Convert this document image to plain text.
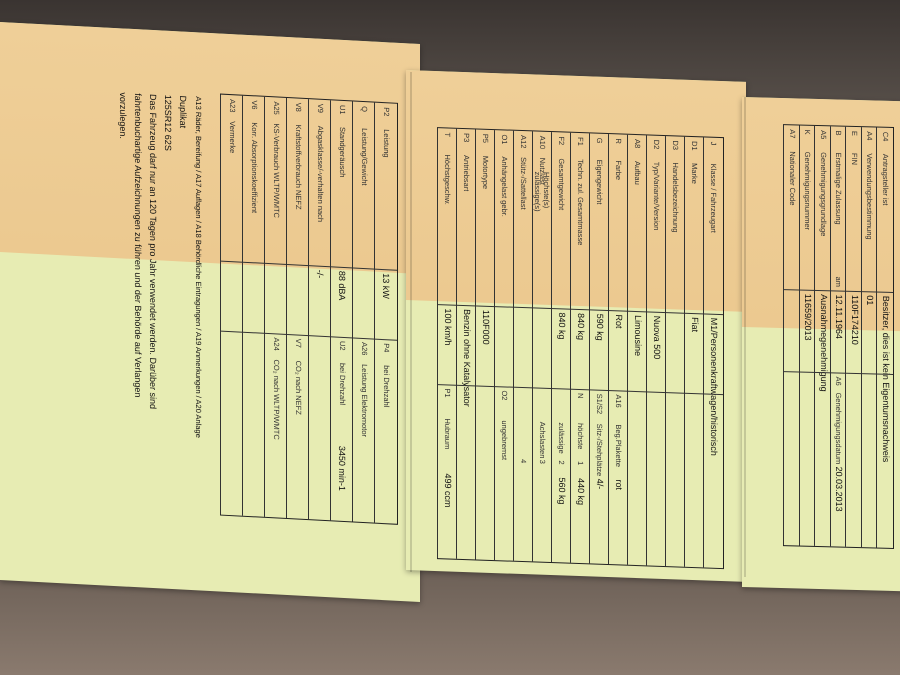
P2
Leistung
13 kW
P4
bei Drehzahl
Q
Leistung/Gewicht
A26
Leistung Elektromotor
U1
Standgeräusch
88 dBA
U2
bei Drehzahl
3450 min-1
V9
Abgasklasse/-verhalten nach
-/-
V8
Kraftstoffverbrauch NEFZ
V7
CO₂ nach NEFZ
A25
KS-Verbrauch WLTP/WMTC
A24
CO₂ nach WLTP/WMTC
V6
Korr. Absorptionskoeffizient
A23
Vermerke
A13 Räder, Bereifung / A17 Auflagen / A18 Behördliche Eintragungen / A19 Anmerkungen / A20 Anlage
Duplikat
125SR12 62S
Das Fahrzeug darf nur an 120 Tagen pro Jahr verwendet werden. Darüber sind
fahrtenbuchartige Aufzeichnungen zu führen und der Behörde auf Verlangen
vorzulegen.
J
Klasse / Fahrzeugart
M1/Personenkraftwagen/historisch
D1
Marke
Fiat
D3
Handelsbezeichnung
D2
Typ/Variante/Version
Nuova 500
A8
Aufbau
Limousine
R
Farbe
Rot
A16
Beg.Plakette
rot
G
Eigengewicht
590 kg
S1/S2
Sitz-/Stehplätze
4/-
F1
Techn. zul. Gesamtmasse
840 kg
N
höchste
1
440 kg
F2
Gesamtgewicht
840 kg
zulässige
2
560 kg
A10
Nutzlast
Achslasten
3
A12
Stütz-/Sattellast
4
O1
Anhängelast gebr.
O2
ungebremst
P5
Motortype
110F000
P3
Antriebsart
Benzin ohne Katalysator
T
Höchstgeschw.
100 km/h
P1
Hubraum
499 ccm
Höchste(s)
zulässige(s)
C4
Antragsteller ist
Besitzer, dies ist kein Eigentumsnachweis
A4
Verwendungsbestimmung
01
E
FIN
110F174210
B
Erstmalige Zulassung
am
12.11.1964
A6
Genehmigungsdatum
20.03.2013
A5
Genehmigungsgrundlage
Ausnahmegenehmigung
K
Genehmigungsnummer
11659/2013
A7
Nationaler Code
